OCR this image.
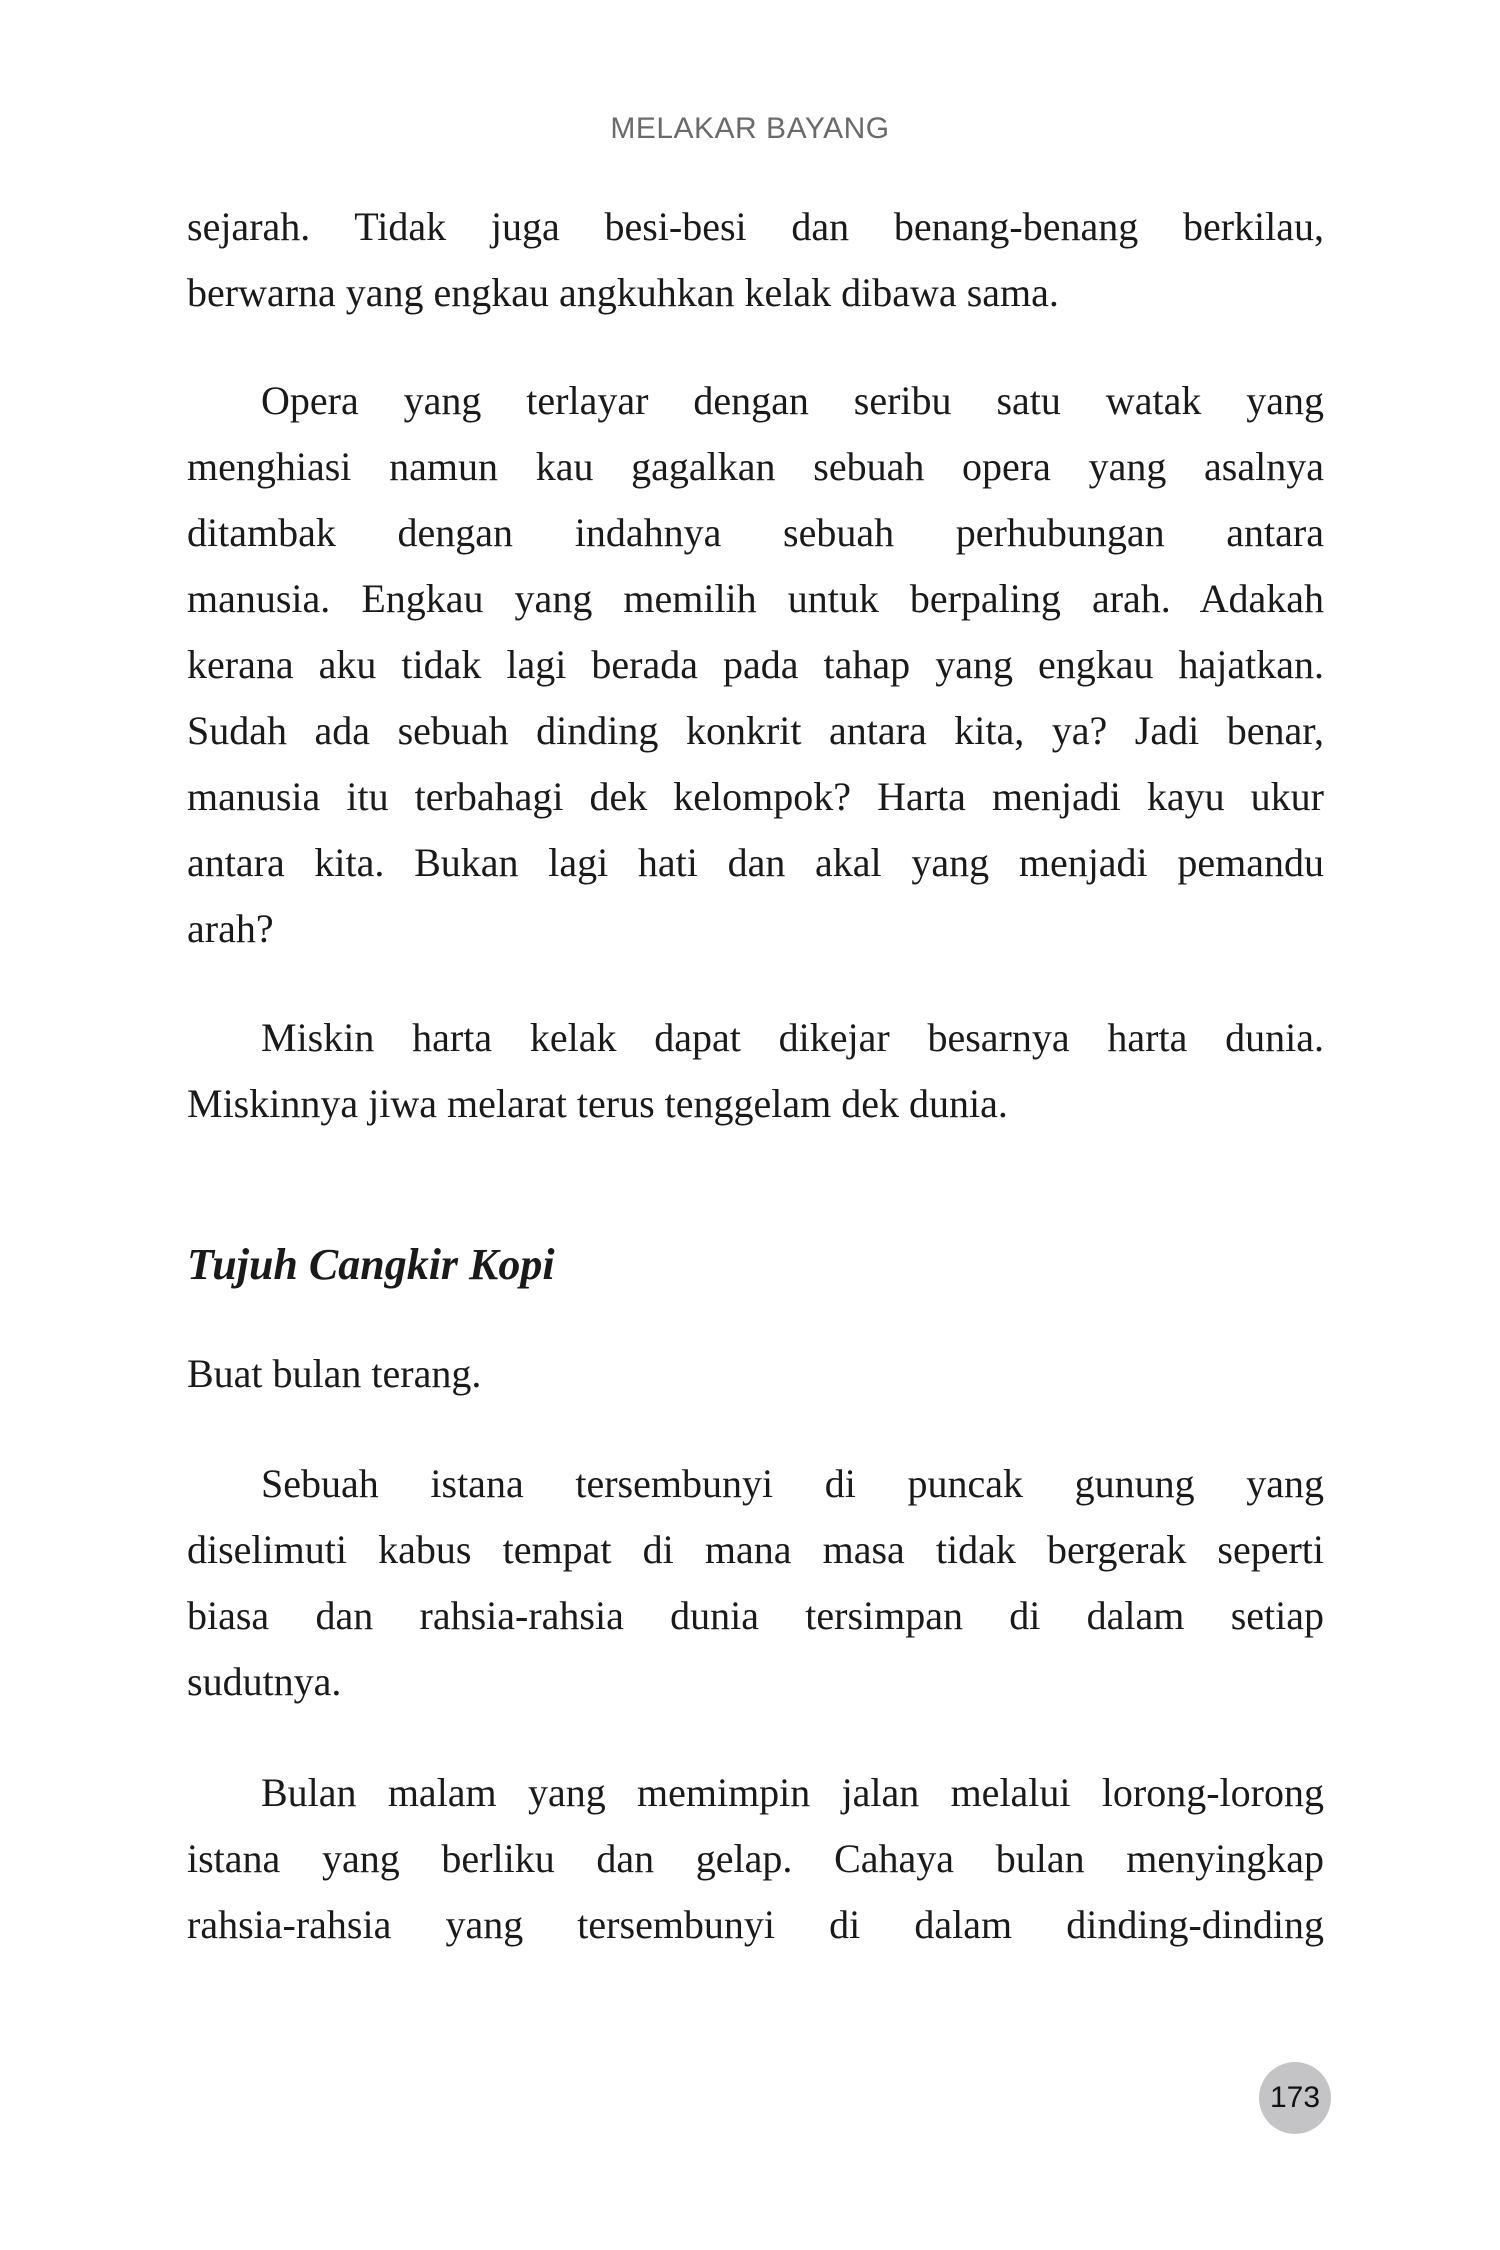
MELAKAR BAYANG
sejarah. Tidak juga besi-besi dan benang-benang berkilau,
berwarna yang engkau angkuhkan kelak dibawa sama.
Opera yang terlayar dengan seribu satu watak yang
menghiasi namun kau gagalkan sebuah opera yang asalnya
ditambak dengan indahnya sebuah perhubungan antara
manusia. Engkau yang memilih untuk berpaling arah. Adakah
kerana aku tidak lagi berada pada tahap yang engkau hajatkan.
Sudah ada sebuah dinding konkrit antara kita, ya? Jadi benar,
manusia itu terbahagi dek kelompok? Harta menjadi kayu ukur
antara kita. Bukan lagi hati dan akal yang menjadi pemandu
arah?
Miskin harta kelak dapat dikejar besarnya harta dunia.
Miskinnya jiwa melarat terus tenggelam dek dunia.
Tujuh Cangkir Kopi
Buat bulan terang.
Sebuah istana tersembunyi di puncak gunung yang
diselimuti kabus tempat di mana masa tidak bergerak seperti
biasa dan rahsia-rahsia dunia tersimpan di dalam setiap
sudutnya.
Bulan malam yang memimpin jalan melalui lorong-lorong
istana yang berliku dan gelap. Cahaya bulan menyingkap
rahsia-rahsia yang tersembunyi di dalam dinding-dinding
173
